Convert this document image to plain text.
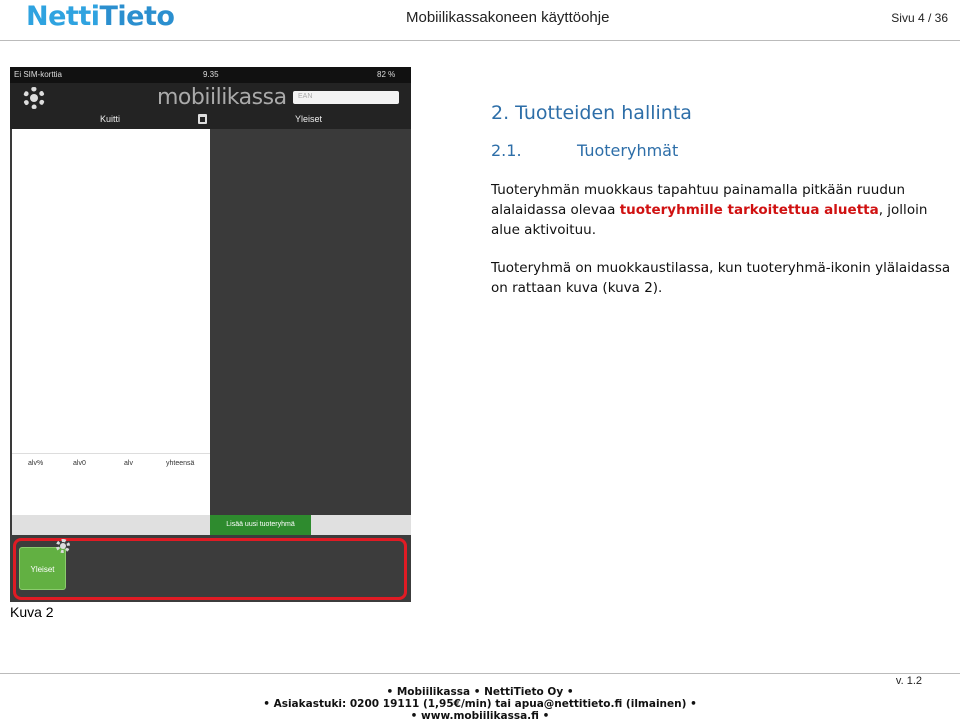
NettiTieto	Mobiilikassakoneen käyttöohje	Sivu 4 / 36
Ei SIM-korttia	9.35	82 %
mobiilikassa	EAN
Kuitti	Yleiset
alv%	alv0	alv	yhteensä
Lisää uusi tuoteryhmä
Yleiset
Kuva 2
2. Tuotteiden hallinta
2.1.	Tuoteryhmät

Tuoteryhmän muokkaus tapahtuu painamalla pitkään ruudun alalaidassa olevaa tuoteryhmille tarkoitettua aluetta, jolloin alue aktivoituu.

Tuoteryhmä on muokkaustilassa, kun tuoteryhmä-ikonin ylälaidassa on rattaan kuva (kuva 2).

v. 1.2
• Mobiilikassa • NettiTieto Oy •
• Asiakastuki: 0200 19111 (1,95€/min) tai apua@nettitieto.fi (ilmainen) •
• www.mobiilikassa.fi •
